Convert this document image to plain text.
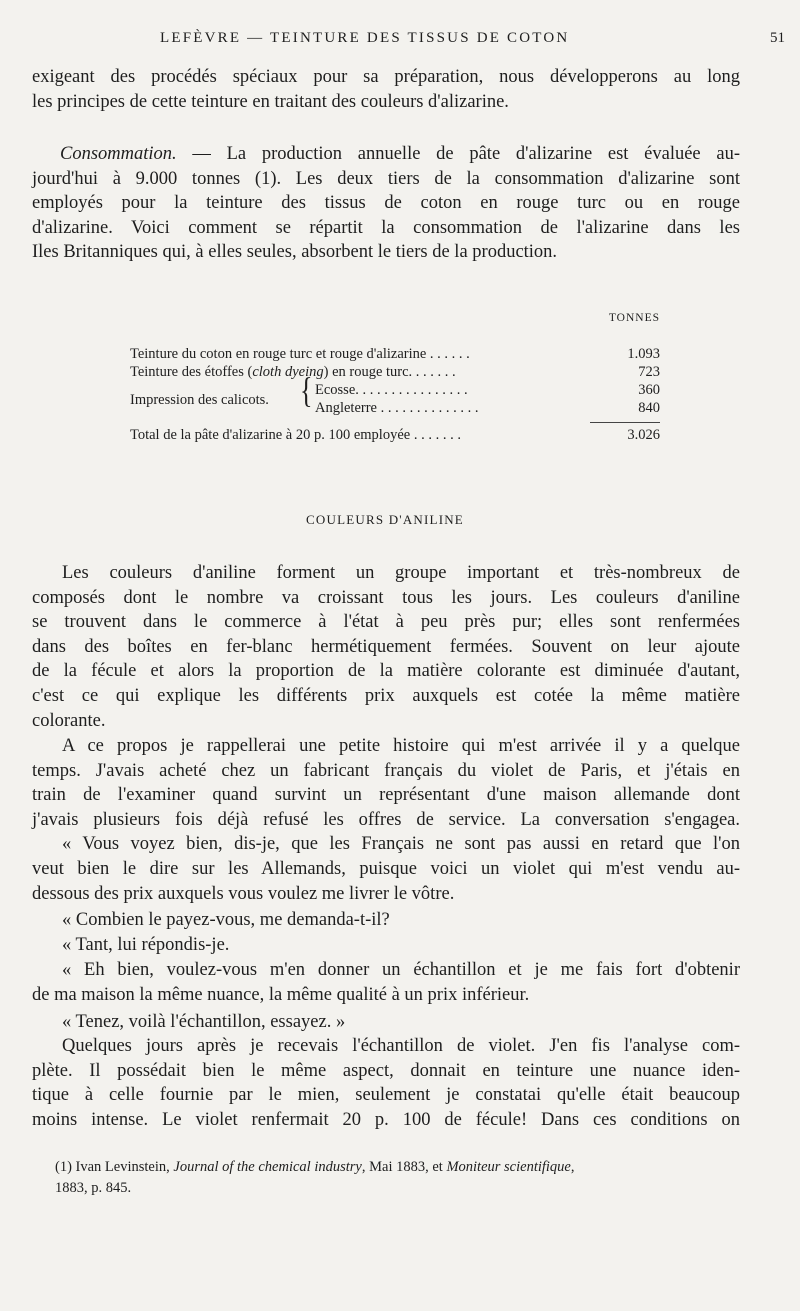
LEFÈVRE — TEINTURE DES TISSUS DE COTON	51
exigeant des procédés spéciaux pour sa préparation, nous développerons au long
les principes de cette teinture en traitant des couleurs d'alizarine.
Consommation. — La production annuelle de pâte d'alizarine est évaluée au-
jourd'hui à 9.000 tonnes (1). Les deux tiers de la consommation d'alizarine sont
employés pour la teinture des tissus de coton en rouge turc ou en rouge
d'alizarine. Voici comment se répartit la consommation de l'alizarine dans les
Iles Britanniques qui, à elles seules, absorbent le tiers de la production.
TONNES
Teinture du coton en rouge turc et rouge d'alizarine . . . . . .	1.093
Teinture des étoffes (cloth dyeing) en rouge turc. . . . . . .	723
Impression des calicots. { Ecosse. . . . . . . . . . . . . . . .	360
Angleterre . . . . . . . . . . . . . .	840
Total de la pâte d'alizarine à 20 p. 100 employée . . . . . . .	3.026
COULEURS D'ANILINE
Les couleurs d'aniline forment un groupe important et très-nombreux de
composés dont le nombre va croissant tous les jours. Les couleurs d'aniline
se trouvent dans le commerce à l'état à peu près pur; elles sont renfermées
dans des boîtes en fer-blanc hermétiquement fermées. Souvent on leur ajoute
de la fécule et alors la proportion de la matière colorante est diminuée d'autant,
c'est ce qui explique les différents prix auxquels est cotée la même matière
colorante.
A ce propos je rappellerai une petite histoire qui m'est arrivée il y a quelque
temps. J'avais acheté chez un fabricant français du violet de Paris, et j'étais en
train de l'examiner quand survint un représentant d'une maison allemande dont
j'avais plusieurs fois déjà refusé les offres de service. La conversation s'engagea.
« Vous voyez bien, dis-je, que les Français ne sont pas aussi en retard que l'on
veut bien le dire sur les Allemands, puisque voici un violet qui m'est vendu au-
dessous des prix auxquels vous voulez me livrer le vôtre.
« Combien le payez-vous, me demanda-t-il?
« Tant, lui répondis-je.
« Eh bien, voulez-vous m'en donner un échantillon et je me fais fort d'obtenir
de ma maison la même nuance, la même qualité à un prix inférieur.
« Tenez, voilà l'échantillon, essayez. »
Quelques jours après je recevais l'échantillon de violet. J'en fis l'analyse com-
plète. Il possédait bien le même aspect, donnait en teinture une nuance iden-
tique à celle fournie par le mien, seulement je constatai qu'elle était beaucoup
moins intense. Le violet renfermait 20 p. 100 de fécule! Dans ces conditions on
(1) Ivan Levinstein, Journal of the chemical industry, Mai 1883, et Moniteur scientifique,
1883, p. 845.
